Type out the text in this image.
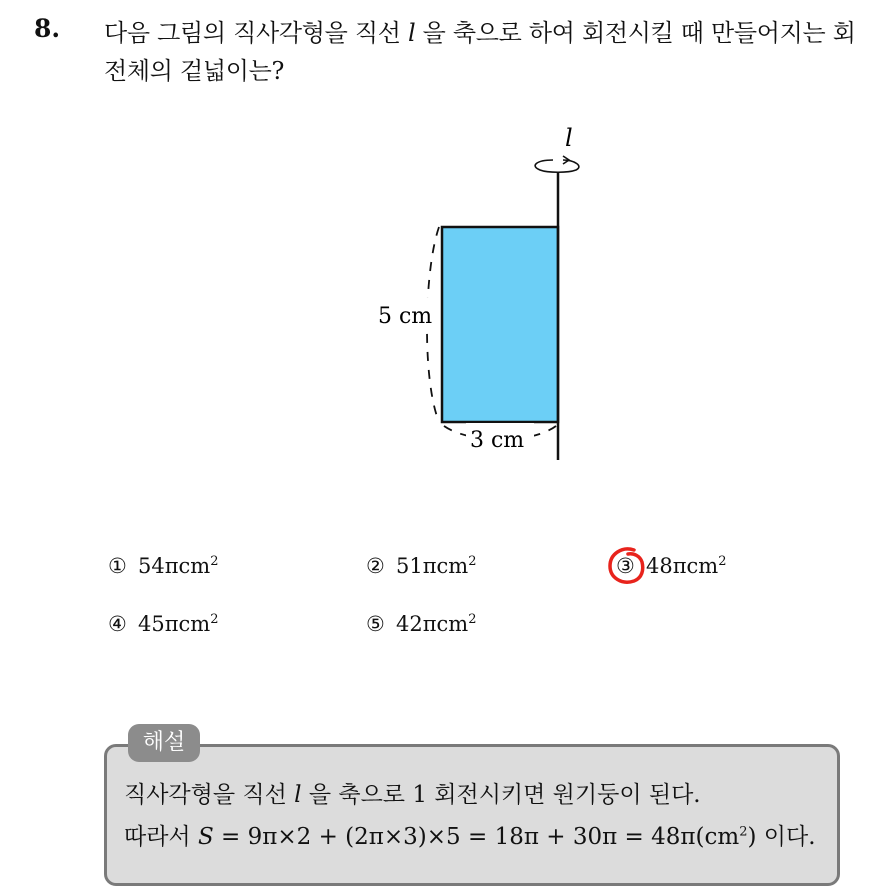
8. 다음 그림의 직사각형을 직선 l 을 축으로 하여 회전시킬 때 만들어지는 회전체의 겉넓이는?
l
5 cm
3 cm
① 54πcm$^2$	② 51πcm$^2$	③ 48πcm$^2$
④ 45πcm$^2$	⑤ 42πcm$^2$
해설
직사각형을 직선 l 을 축으로 1 회전시키면 원기둥이 된다.
따라서 $S = 9\pi\times 2 + (2\pi\times 3)\times 5 = 18\pi + 30\pi = 48\pi(cm^2)$ 이다.
